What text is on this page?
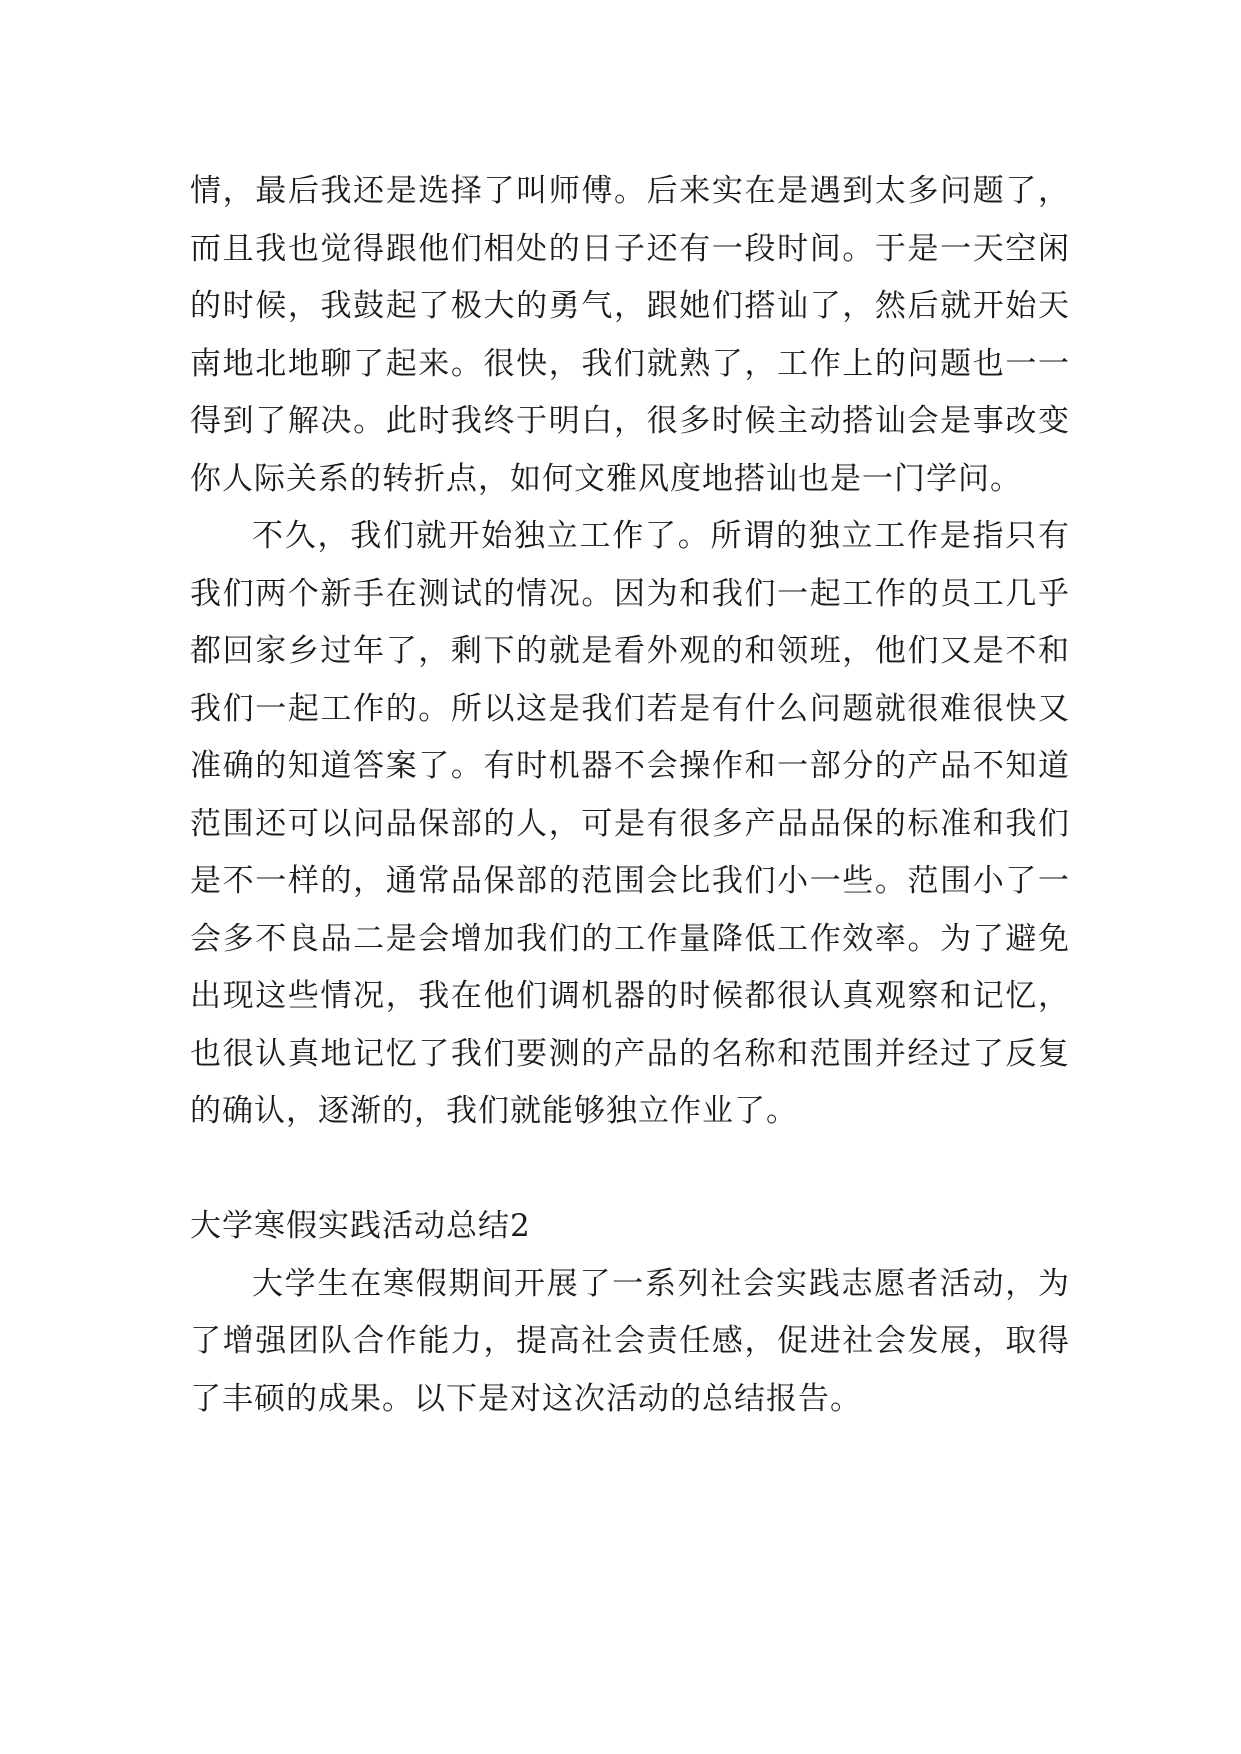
情，最后我还是选择了叫师傅。后来实在是遇到太多问题了，而且我也觉得跟他们相处的日子还有一段时间。于是一天空闲的时候，我鼓起了极大的勇气，跟她们搭讪了，然后就开始天南地北地聊了起来。很快，我们就熟了，工作上的问题也一一得到了解决。此时我终于明白，很多时候主动搭讪会是事改变你人际关系的转折点，如何文雅风度地搭讪也是一门学问。

不久，我们就开始独立工作了。所谓的独立工作是指只有我们两个新手在测试的情况。因为和我们一起工作的员工几乎都回家乡过年了，剩下的就是看外观的和领班，他们又是不和我们一起工作的。所以这是我们若是有什么问题就很难很快又准确的知道答案了。有时机器不会操作和一部分的产品不知道范围还可以问品保部的人，可是有很多产品品保的标准和我们是不一样的，通常品保部的范围会比我们小一些。范围小了一会多不良品二是会增加我们的工作量降低工作效率。为了避免出现这些情况，我在他们调机器的时候都很认真观察和记忆，也很认真地记忆了我们要测的产品的名称和范围并经过了反复的确认，逐渐的，我们就能够独立作业了。

大学寒假实践活动总结2

大学生在寒假期间开展了一系列社会实践志愿者活动，为了增强团队合作能力，提高社会责任感，促进社会发展，取得了丰硕的成果。以下是对这次活动的总结报告。
